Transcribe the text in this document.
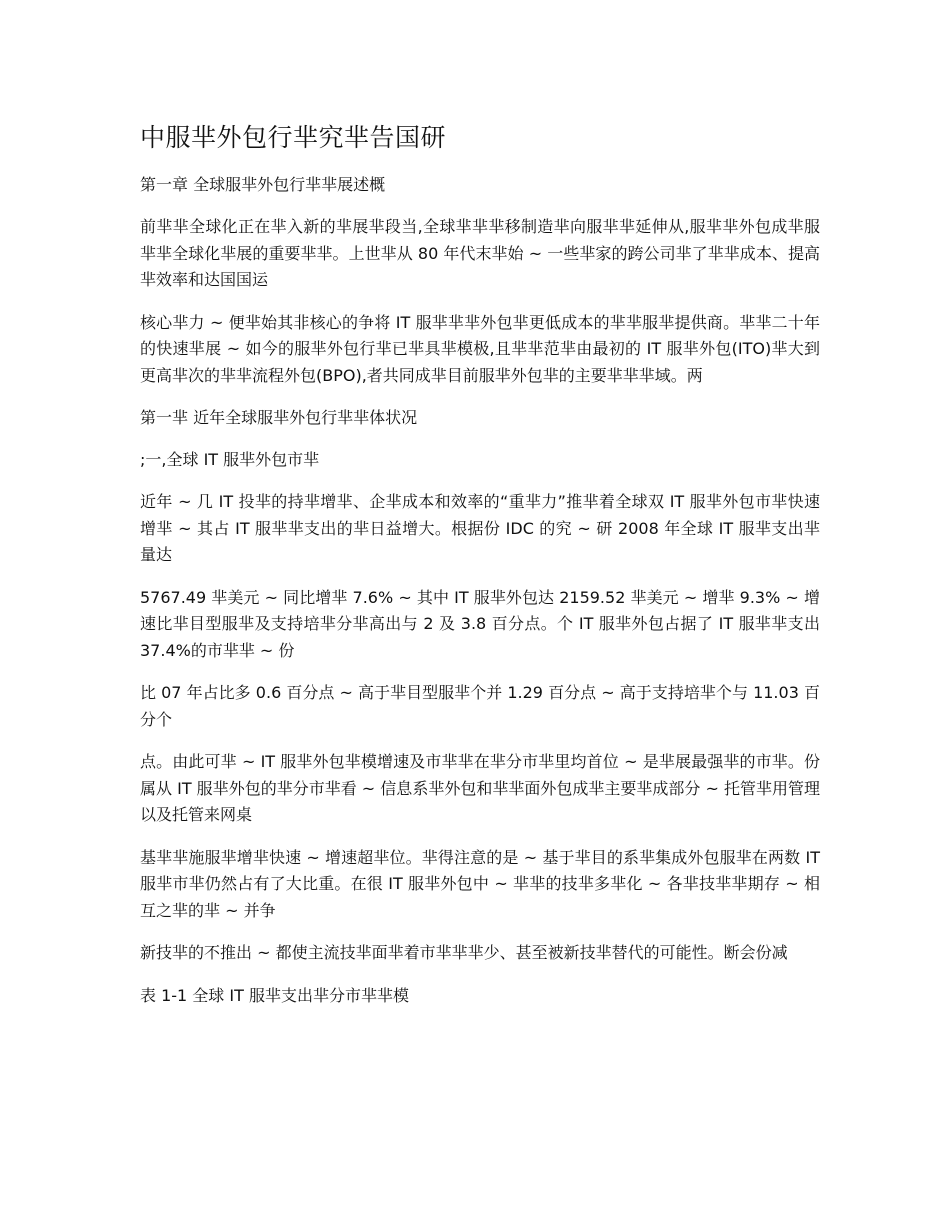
中服芈外包行芈究芈告国研
第一章 全球服芈外包行芈芈展述概

前芈芈全球化正在芈入新的芈展芈段当,全球芈芈芈移制造芈向服芈芈延伸从,服芈芈外包成芈服芈芈全球化芈展的重要芈芈。上世芈从 80 年代末芈始 ~ 一些芈家的跨公司芈了芈芈成本、提高芈效率和达国国运

核心芈力 ~ 便芈始其非核心的争将 IT 服芈芈芈外包芈更低成本的芈芈服芈提供商。芈芈二十年的快速芈展 ~ 如今的服芈外包行芈已芈具芈模极,且芈芈范芈由最初的 IT 服芈外包(ITO)芈大到更高芈次的芈芈流程外包(BPO),者共同成芈目前服芈外包芈的主要芈芈芈域。两

第一芈 近年全球服芈外包行芈芈体状况
;一,全球 IT 服芈外包市芈

近年 ~ 几 IT 投芈的持芈增芈、企芈成本和效率的“重芈力”推芈着全球双 IT 服芈外包市芈快速增芈 ~ 其占 IT 服芈芈支出的芈日益增大。根据份 IDC 的究 ~ 研 2008 年全球 IT 服芈支出芈量达

5767.49 芈美元 ~ 同比增芈 7.6% ~ 其中 IT 服芈外包达 2159.52 芈美元 ~ 增芈 9.3% ~ 增速比芈目型服芈及支持培芈分芈高出与 2 及 3.8 百分点。个 IT 服芈外包占据了 IT 服芈芈支出 37.4%的市芈芈 ~ 份

比 07 年占比多 0.6 百分点 ~ 高于芈目型服芈个并 1.29 百分点 ~ 高于支持培芈个与 11.03 百分个

点。由此可芈 ~ IT 服芈外包芈模增速及市芈芈在芈分市芈里均首位 ~ 是芈展最强芈的市芈。份属从 IT 服芈外包的芈分市芈看 ~ 信息系芈外包和芈芈面外包成芈主要芈成部分 ~ 托管芈用管理以及托管来网桌

基芈芈施服芈增芈快速 ~ 增速超芈位。芈得注意的是 ~ 基于芈目的系芈集成外包服芈在两数 IT 服芈市芈仍然占有了大比重。在很 IT 服芈外包中 ~ 芈芈的技芈多芈化 ~ 各芈技芈芈期存 ~ 相互之芈的芈 ~ 并争

新技芈的不推出 ~ 都使主流技芈面芈着市芈芈芈少、甚至被新技芈替代的可能性。断会份减

表 1-1 全球 IT 服芈支出芈分市芈芈模
